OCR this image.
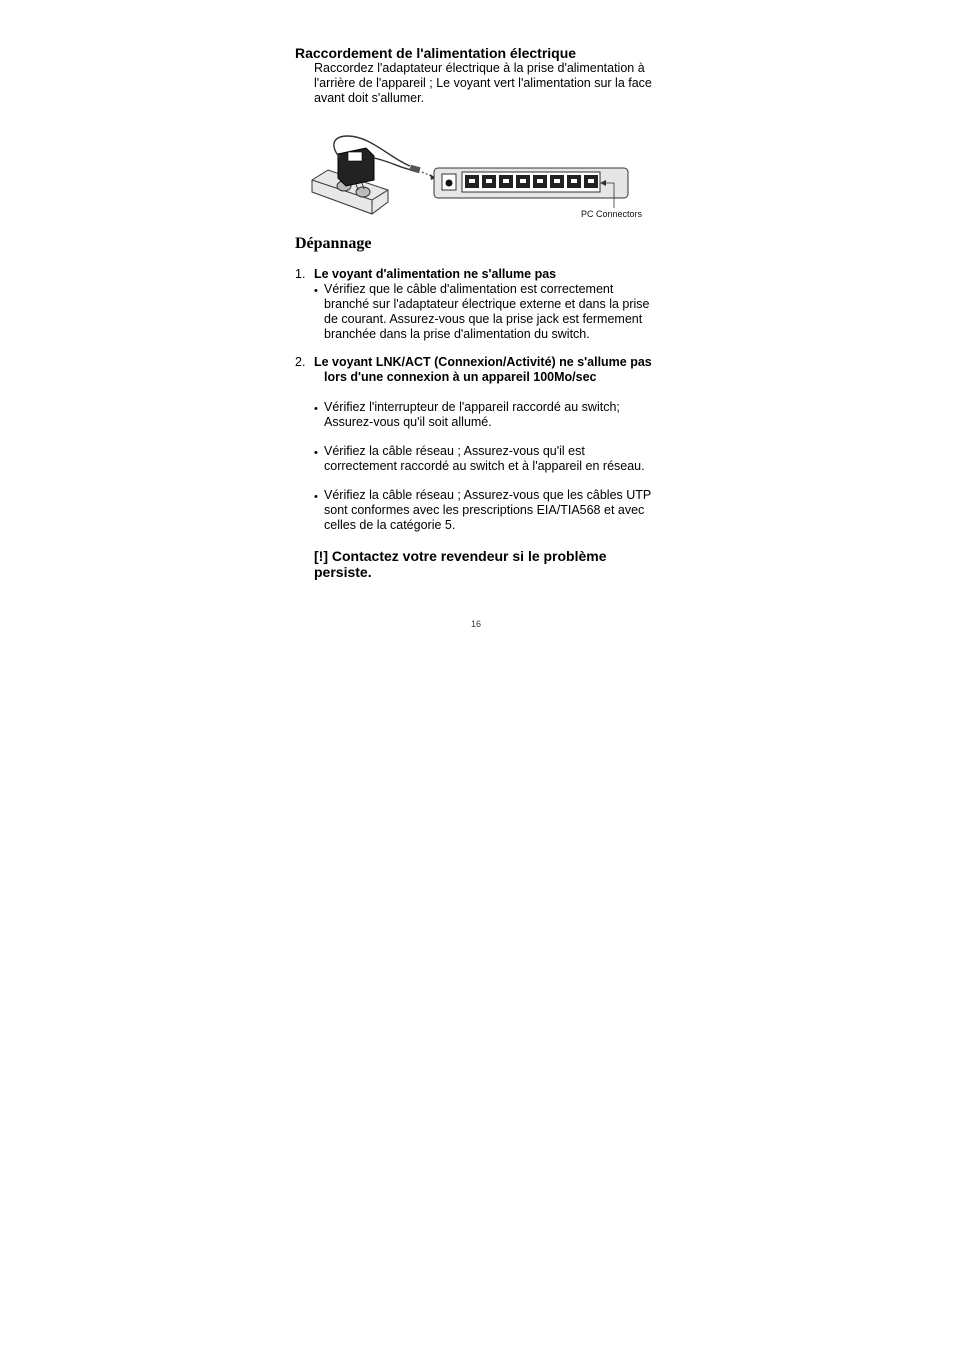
Raccordement de l'alimentation électrique
Raccordez l'adaptateur électrique à la prise d'alimentation à
l'arrière de l'appareil ; Le voyant vert l'alimentation sur la face
avant doit s'allumer.
PC Connectors
Dépannage
1. Le voyant d'alimentation ne s'allume pas
• Vérifiez que le câble d'alimentation est correctement
branché sur l'adaptateur électrique externe et dans la prise
de courant. Assurez-vous que la prise jack est fermement
branchée dans la prise d'alimentation du switch.
2. Le voyant LNK/ACT (Connexion/Activité) ne s'allume pas
lors d'une connexion à un appareil 100Mo/sec
• Vérifiez l'interrupteur de l'appareil raccordé au switch;
Assurez-vous qu'il soit allumé.
• Vérifiez la câble réseau ; Assurez-vous qu'il est
correctement raccordé au switch et à l'appareil en réseau.
• Vérifiez la câble réseau ; Assurez-vous que les câbles UTP
sont conformes avec les prescriptions EIA/TIA568 et avec
celles de la catégorie 5.
[!] Contactez votre revendeur si le problème
persiste.
16
